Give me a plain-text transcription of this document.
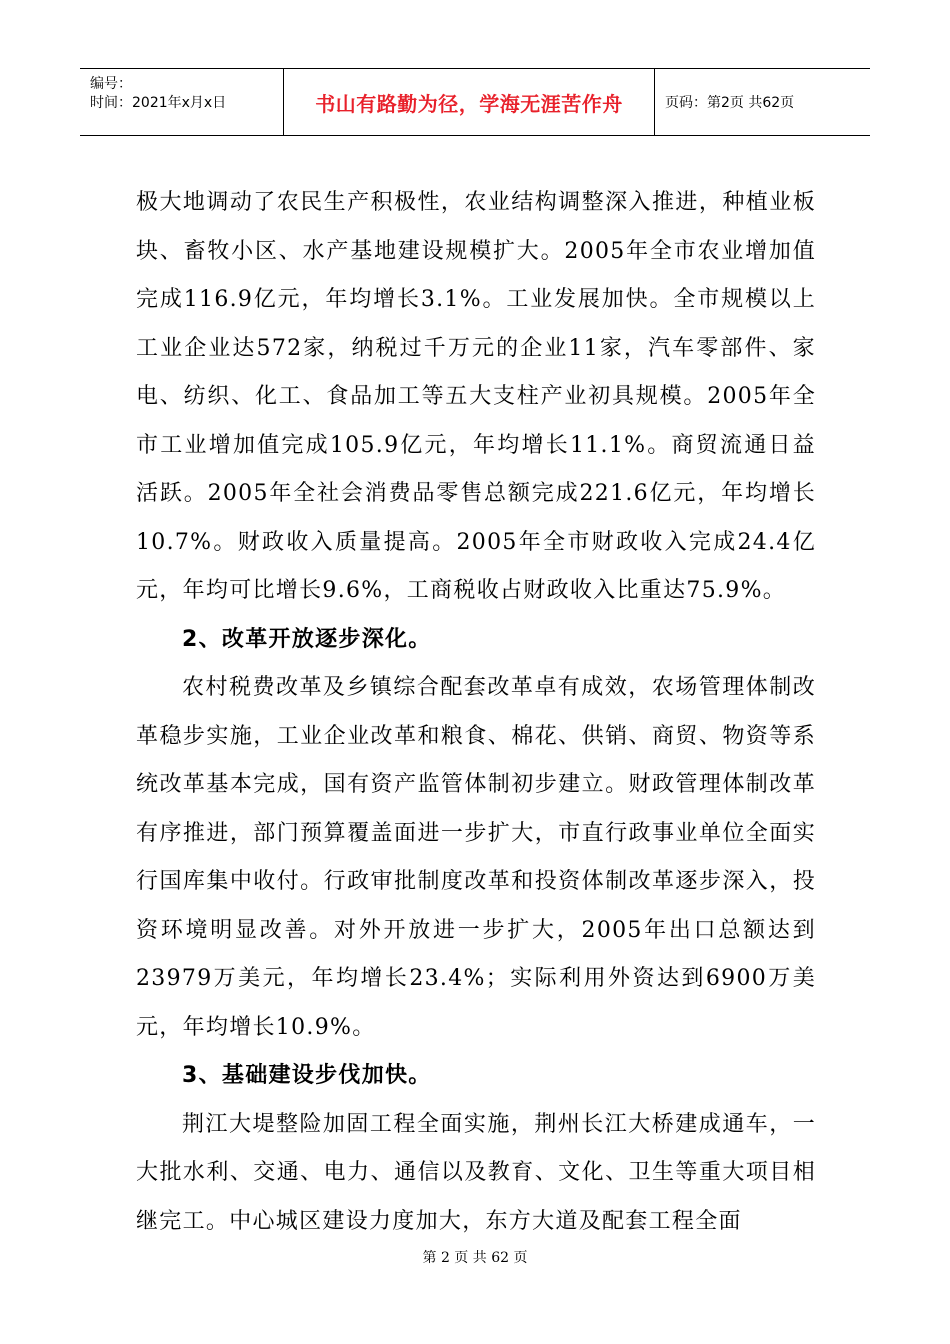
编号：
时间：2021年x月x日	书山有路勤为径，学海无涯苦作舟	页码：第2页 共62页

极大地调动了农民生产积极性，农业结构调整深入推进，种植业板块、畜牧小区、水产基地建设规模扩大。2005年全市农业增加值完成116.9亿元，年均增长3.1%。工业发展加快。全市规模以上工业企业达572家，纳税过千万元的企业11家，汽车零部件、家电、纺织、化工、食品加工等五大支柱产业初具规模。2005年全市工业增加值完成105.9亿元，年均增长11.1%。商贸流通日益活跃。2005年全社会消费品零售总额完成221.6亿元，年均增长10.7%。财政收入质量提高。2005年全市财政收入完成24.4亿元，年均可比增长9.6%，工商税收占财政收入比重达75.9%。

2、改革开放逐步深化。

农村税费改革及乡镇综合配套改革卓有成效，农场管理体制改革稳步实施，工业企业改革和粮食、棉花、供销、商贸、物资等系统改革基本完成，国有资产监管体制初步建立。财政管理体制改革有序推进，部门预算覆盖面进一步扩大，市直行政事业单位全面实行国库集中收付。行政审批制度改革和投资体制改革逐步深入，投资环境明显改善。对外开放进一步扩大，2005年出口总额达到23979万美元，年均增长23.4%；实际利用外资达到6900万美元，年均增长10.9%。

3、基础建设步伐加快。

荆江大堤整险加固工程全面实施，荆州长江大桥建成通车，一大批水利、交通、电力、通信以及教育、文化、卫生等重大项目相继完工。中心城区建设力度加大，东方大道及配套工程全面

第 2 页 共 62 页
